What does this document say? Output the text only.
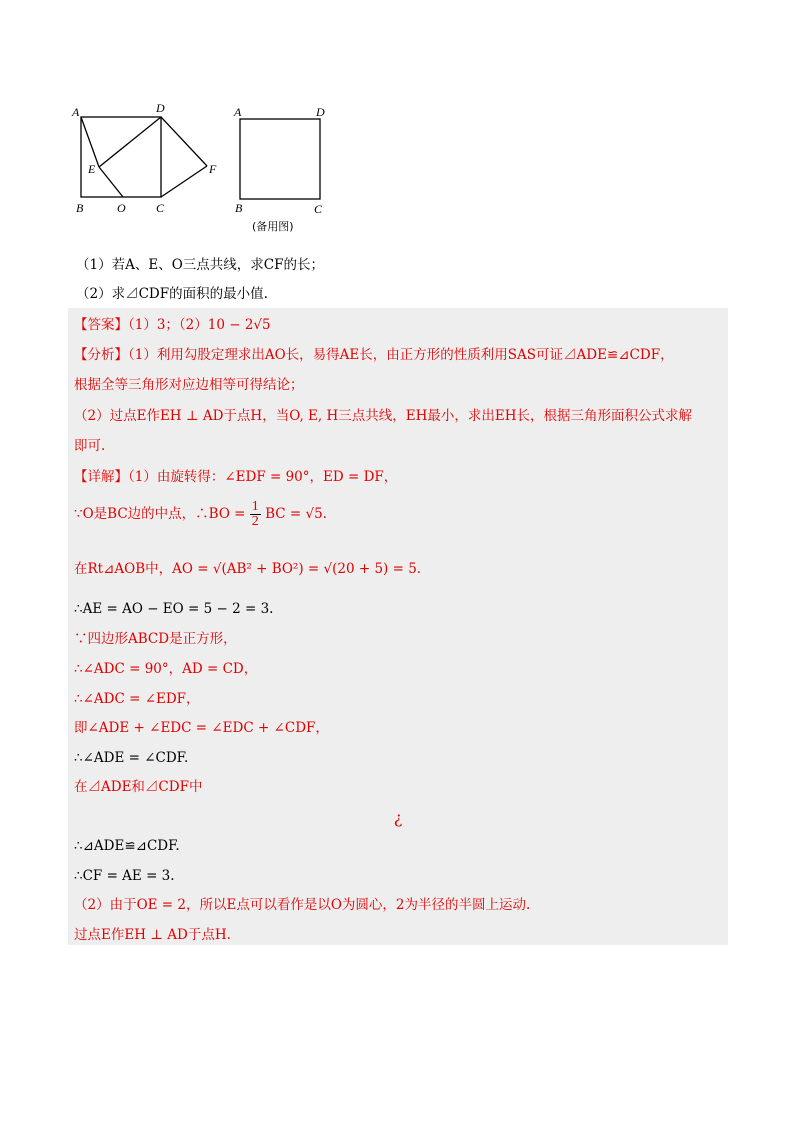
A	D
E	F
B	O	C
A	D
B	C
(备用图)
（1）若A、E、O三点共线，求CF的长；
（2）求⊿CDF的面积的最小值.
【答案】（1）3；（2）10 − 2√5
【分析】（1）利用勾股定理求出AO长，易得AE长，由正方形的性质利用SAS可证⊿ADE≌⊿CDF，
根据全等三角形对应边相等可得结论；
（2）过点E作EH ⊥ AD于点H，当O, E, H三点共线，EH最小，求出EH长，根据三角形面积公式求解
即可.
【详解】（1）由旋转得：∠EDF = 90°，ED = DF，
∵O是BC边的中点，∴BO = $\frac{1}{2}$ BC = √5.
在Rt⊿AOB中，AO = √(AB² + BO²) = √(20 + 5) = 5.
∴AE = AO − EO = 5 − 2 = 3.
∵四边形ABCD是正方形，
∴∠ADC = 90°，AD = CD，
∴∠ADC = ∠EDF，
即∠ADE + ∠EDC = ∠EDC + ∠CDF，
∴∠ADE = ∠CDF.
在⊿ADE和⊿CDF中
¿
∴⊿ADE≌⊿CDF.
∴CF = AE = 3.
（2）由于OE = 2，所以E点可以看作是以O为圆心，2为半径的半圆上运动.
过点E作EH ⊥ AD于点H.
